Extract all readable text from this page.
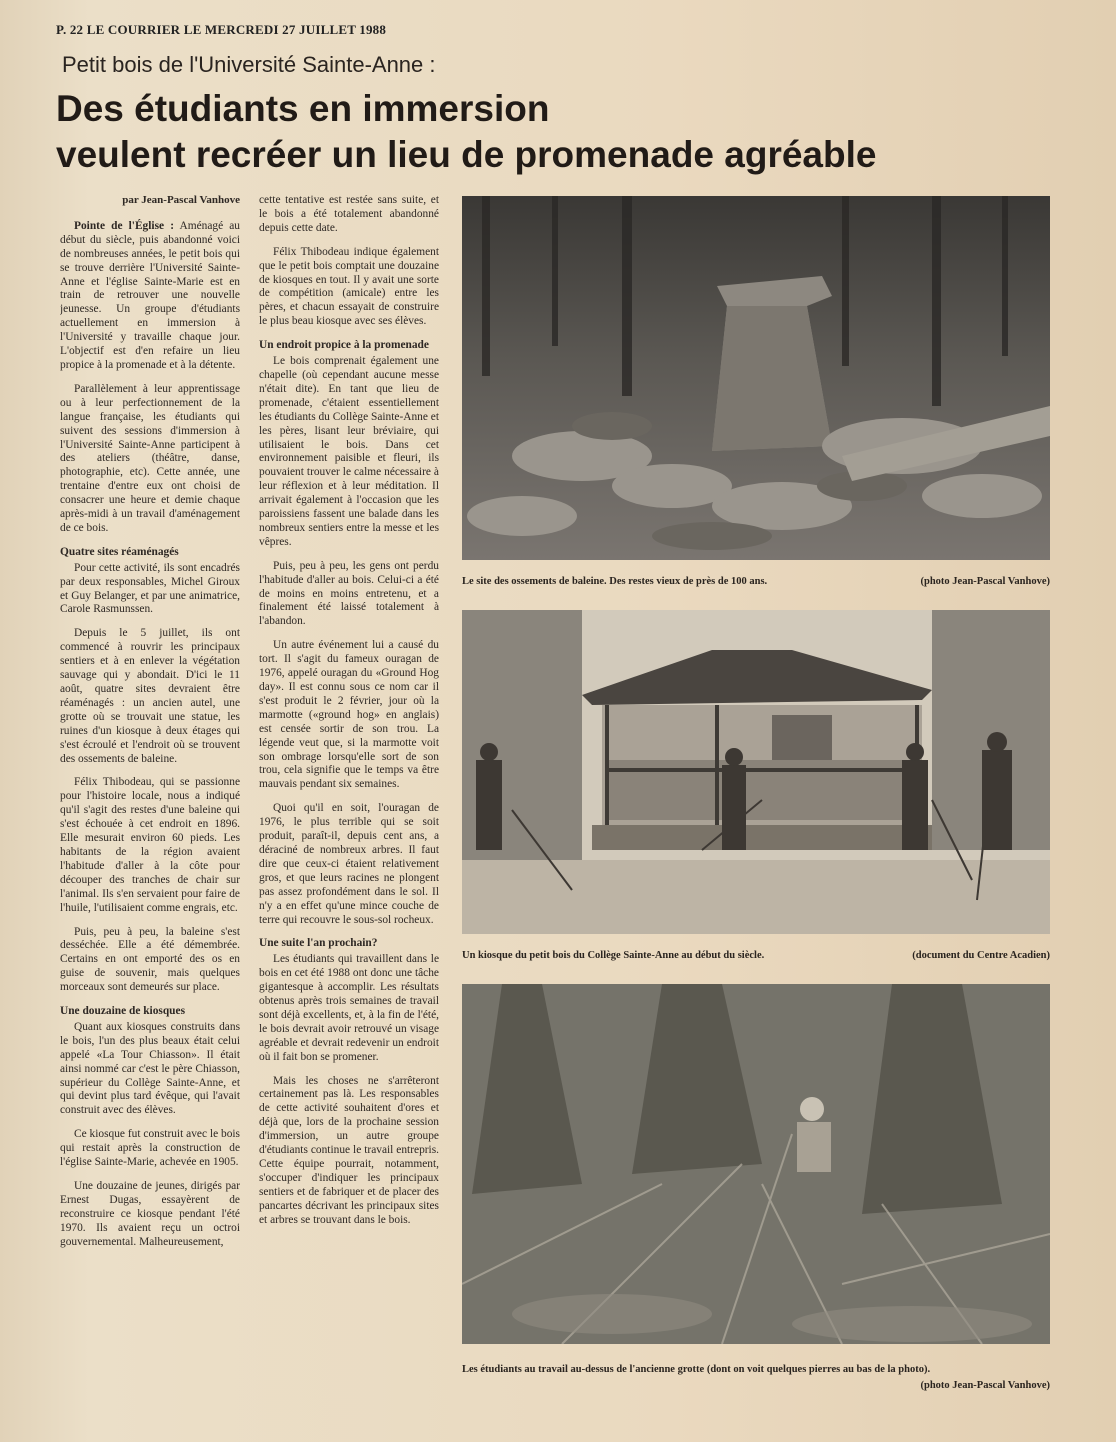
P. 22 LE COURRIER LE MERCREDI 27 JUILLET 1988
Petit bois de l'Université Sainte-Anne :
Des étudiants en immersion
veulent recréer un lieu de promenade agréable
par Jean-Pascal Vanhove

Pointe de l'Église : Aménagé au début du siècle, puis abandonné voici de nombreuses années, le petit bois qui se trouve derrière l'Université Sainte-Anne et l'église Sainte-Marie est en train de retrouver une nouvelle jeunesse. Un groupe d'étudiants actuellement en immersion à l'Université y travaille chaque jour. L'objectif est d'en refaire un lieu propice à la promenade et à la détente.

Parallèlement à leur apprentissage ou à leur perfectionnement de la langue française, les étudiants qui suivent des sessions d'immersion à l'Université Sainte-Anne participent à des ateliers (théâtre, danse, photographie, etc). Cette année, une trentaine d'entre eux ont choisi de consacrer une heure et demie chaque après-midi à un travail d'aménagement de ce bois.

Quatre sites réaménagés

Pour cette activité, ils sont encadrés par deux responsables, Michel Giroux et Guy Belanger, et par une animatrice, Carole Rasmunssen.

Depuis le 5 juillet, ils ont commencé à rouvrir les principaux sentiers et à en enlever la végétation sauvage qui y abondait. D'ici le 11 août, quatre sites devraient être réaménagés : un ancien autel, une grotte où se trouvait une statue, les ruines d'un kiosque à deux étages qui s'est écroulé et l'endroit où se trouvent des ossements de baleine.

Félix Thibodeau, qui se passionne pour l'histoire locale, nous a indiqué qu'il s'agit des restes d'une baleine qui s'est échouée à cet endroit en 1896. Elle mesurait environ 60 pieds. Les habitants de la région avaient l'habitude d'aller à la côte pour découper des tranches de chair sur l'animal. Ils s'en servaient pour faire de l'huile, l'utilisaient comme engrais, etc.

Puis, peu à peu, la baleine s'est desséchée. Elle a été démembrée. Certains en ont emporté des os en guise de souvenir, mais quelques morceaux sont demeurés sur place.

Une douzaine de kiosques

Quant aux kiosques construits dans le bois, l'un des plus beaux était celui appelé «La Tour Chiasson». Il était ainsi nommé car c'est le père Chiasson, supérieur du Collège Sainte-Anne, et qui devint plus tard évêque, qui l'avait construit avec des élèves.

Ce kiosque fut construit avec le bois qui restait après la construction de l'église Sainte-Marie, achevée en 1905.

Une douzaine de jeunes, dirigés par Ernest Dugas, essayèrent de reconstruire ce kiosque pendant l'été 1970. Ils avaient reçu un octroi gouvernemental. Malheureusement,

cette tentative est restée sans suite, et le bois a été totalement abandonné depuis cette date.

Félix Thibodeau indique également que le petit bois comptait une douzaine de kiosques en tout. Il y avait une sorte de compétition (amicale) entre les pères, et chacun essayait de construire le plus beau kiosque avec ses élèves.

Un endroit propice à la promenade

Le bois comprenait également une chapelle (où cependant aucune messe n'était dite). En tant que lieu de promenade, c'étaient essentiellement les étudiants du Collège Sainte-Anne et les pères, lisant leur bréviaire, qui utilisaient le bois. Dans cet environnement paisible et fleuri, ils pouvaient trouver le calme nécessaire à leur réflexion et à leur méditation. Il arrivait également à l'occasion que les paroissiens fassent une balade dans les nombreux sentiers entre la messe et les vêpres.

Puis, peu à peu, les gens ont perdu l'habitude d'aller au bois. Celui-ci a été de moins en moins entretenu, et a finalement été laissé totalement à l'abandon.

Un autre événement lui a causé du tort. Il s'agit du fameux ouragan de 1976, appelé ouragan du «Ground Hog day». Il est connu sous ce nom car il s'est produit le 2 février, jour où la marmotte («ground hog» en anglais) est censée sortir de son trou. La légende veut que, si la marmotte voit son ombrage lorsqu'elle sort de son trou, cela signifie que le temps va être mauvais pendant six semaines.

Quoi qu'il en soit, l'ouragan de 1976, le plus terrible qui se soit produit, paraît-il, depuis cent ans, a déraciné de nombreux arbres. Il faut dire que ceux-ci étaient relativement gros, et que leurs racines ne plongent pas assez profondément dans le sol. Il n'y a en effet qu'une mince couche de terre qui recouvre le sous-sol rocheux.

Une suite l'an prochain?

Les étudiants qui travaillent dans le bois en cet été 1988 ont donc une tâche gigantesque à accomplir. Les résultats obtenus après trois semaines de travail sont déjà excellents, et, à la fin de l'été, le bois devrait avoir retrouvé un visage agréable et devrait redevenir un endroit où il fait bon se promener.

Mais les choses ne s'arrêteront certainement pas là. Les responsables de cette activité souhaitent d'ores et déjà que, lors de la prochaine session d'immersion, un autre groupe d'étudiants continue le travail entrepris. Cette équipe pourrait, notamment, s'occuper d'indiquer les principaux sentiers et de fabriquer et de placer des pancartes décrivant les principaux sites et arbres se trouvant dans le bois.

Le site des ossements de baleine. Des restes vieux de près de 100 ans.	(photo Jean-Pascal Vanhove)
Un kiosque du petit bois du Collège Sainte-Anne au début du siècle.	(document du Centre Acadien)
Les étudiants au travail au-dessus de l'ancienne grotte (dont on voit quelques pierres au bas de la photo).
(photo Jean-Pascal Vanhove)
